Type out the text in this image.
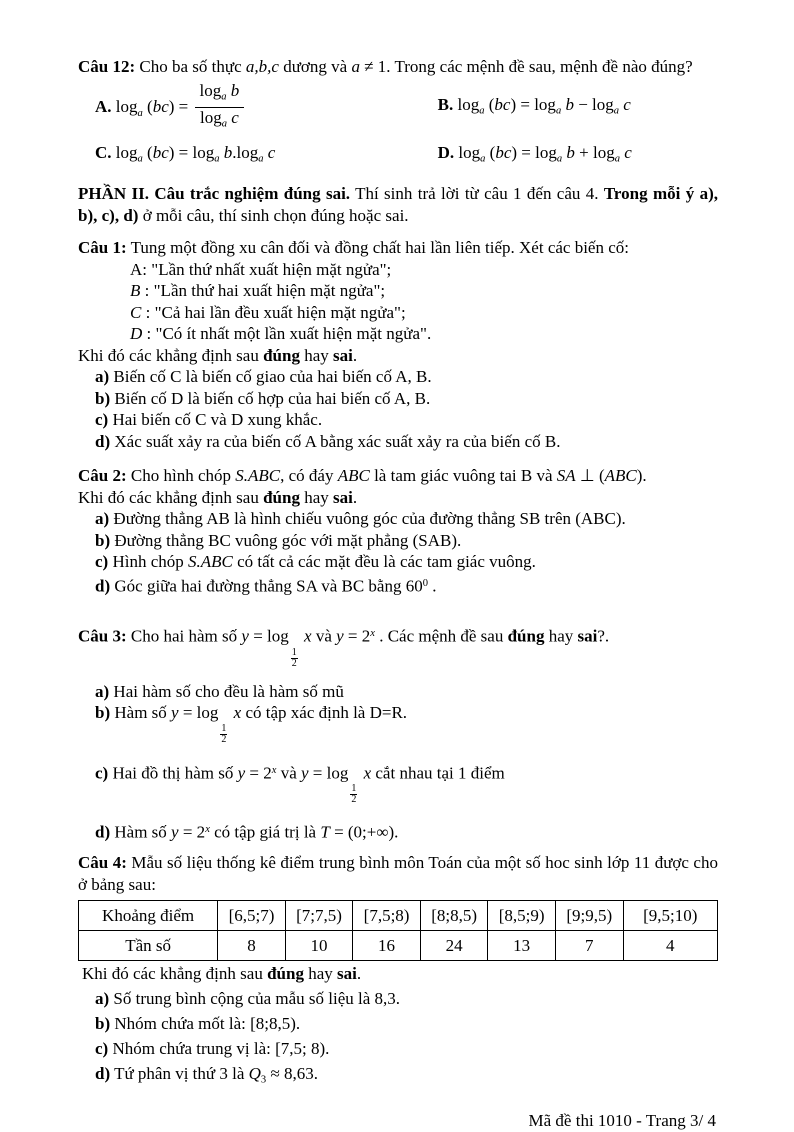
Câu 12: Cho ba số thực a,b,c dương và a ≠ 1. Trong các mệnh đề sau, mệnh đề nào đúng?

A. $\log_a (bc) = \frac{\log_a b}{\log_a c}$	B. $\log_a (bc) = \log_a b - \log_a c$
C. $\log_a (bc) = \log_a b.\log_a$ c	D. $\log_a (bc) = \log_a b + \log_a c$

PHẦN II. Câu trắc nghiệm đúng sai. Thí sinh trả lời từ câu 1 đến câu 4. Trong mỗi ý a), b), c), d) ở mỗi câu, thí sinh chọn đúng hoặc sai.

Câu 1: Tung một đồng xu cân đối và đồng chất hai lần liên tiếp. Xét các biến cố:

A: "Lần thứ nhất xuất hiện mặt ngửa";

B : "Lần thứ hai xuất hiện mặt ngửa";

C : "Cả hai lần đều xuất hiện mặt ngửa";

D : "Có ít nhất một lần xuất hiện mặt ngửa".

Khi đó các khẳng định sau đúng hay sai.

a) Biến cố C là biến cố giao của hai biến cố A, B.

b) Biến cố D là biến cố hợp của hai biến cố A, B.

c) Hai biến cố C và D xung khắc.

d) Xác suất xảy ra của biến cố A bằng xác suất xảy ra của biến cố B.

Câu 2: Cho hình chóp S.ABC, có đáy ABC là tam giác vuông tai B và SA ⊥ (ABC).

Khi đó các khẳng định sau đúng hay sai.

a) Đường thẳng AB là hình chiếu vuông góc của đường thẳng SB trên (ABC).

b) Đường thẳng BC vuông góc với mặt phẳng (SAB).

c) Hình chóp S.ABC có tất cả các mặt đều là các tam giác vuông.

d) Góc giữa hai đường thẳng SA và BC bằng $60^0$ .

Câu 3: Cho hai hàm số y = log
$\frac{1}{2}$
x và $y = 2^x$ . Các mệnh đề sau đúng hay sai?.

a) Hai hàm số cho đều là hàm số mũ

b) Hàm số y = log
$\frac{1}{2}$
x có tập xác định là D=R.

c) Hai đồ thị hàm số $y = 2^x$ và y = log
$\frac{1}{2}$
x cắt nhau tại 1 điểm

d) Hàm số $y = 2^x$ có tập giá trị là T = (0;+∞).

Câu 4: Mẫu số liệu thống kê điểm trung bình môn Toán của một số hoc sinh lớp 11 được cho ở bảng sau:

Khoảng điểm	[6,5;7)	[7;7,5)	[7,5;8)	[8;8,5)	[8,5;9)	[9;9,5)	[9,5;10)
Tần số	8	10	16	24	13	7	4

Khi đó các khẳng định sau đúng hay sai.

a) Số trung bình cộng của mẫu số liệu là 8,3.

b) Nhóm chứa mốt là: [8;8,5).

c) Nhóm chứa trung vị là: [7,5; 8).

d) Tứ phân vị thứ 3 là $Q_3 \approx 8,63$.

Mã đề thi 1010 - Trang 3/ 4
